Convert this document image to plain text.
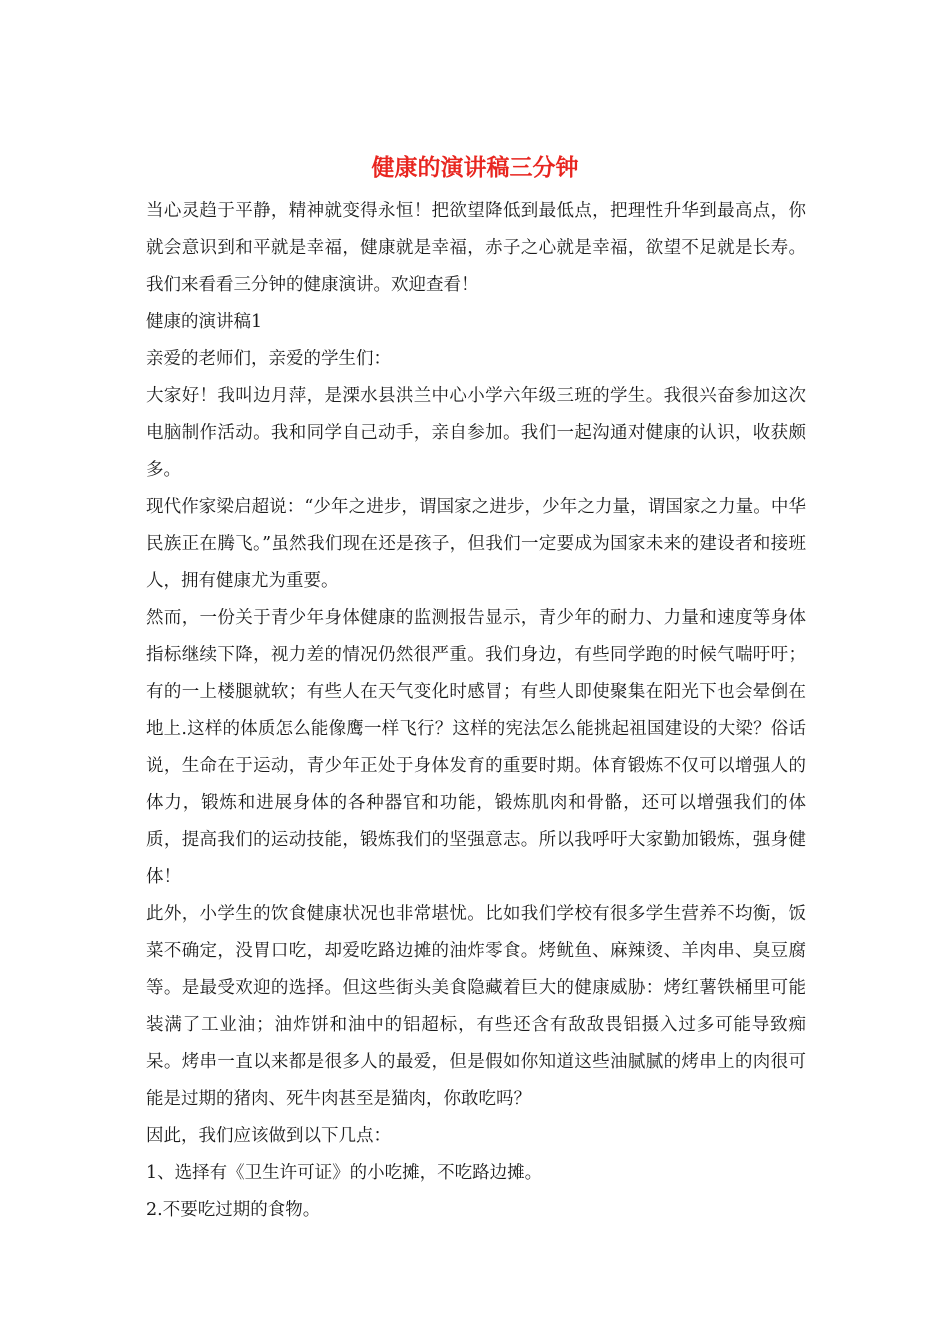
健康的演讲稿三分钟

当心灵趋于平静，精神就变得永恒！把欲望降低到最低点，把理性升华到最高点，你就会意识到和平就是幸福，健康就是幸福，赤子之心就是幸福，欲望不足就是长寿。我们来看看三分钟的健康演讲。欢迎查看！

健康的演讲稿1

亲爱的老师们，亲爱的学生们：

大家好！我叫边月萍，是溧水县洪兰中心小学六年级三班的学生。我很兴奋参加这次电脑制作活动。我和同学自己动手，亲自参加。我们一起沟通对健康的认识，收获颇多。

现代作家梁启超说：“少年之进步，谓国家之进步，少年之力量，谓国家之力量。中华民族正在腾飞。”虽然我们现在还是孩子，但我们一定要成为国家未来的建设者和接班人，拥有健康尤为重要。

然而，一份关于青少年身体健康的监测报告显示，青少年的耐力、力量和速度等身体指标继续下降，视力差的情况仍然很严重。我们身边，有些同学跑的时候气喘吁吁；有的一上楼腿就软；有些人在天气变化时感冒；有些人即使聚集在阳光下也会晕倒在地上.这样的体质怎么能像鹰一样飞行？这样的宪法怎么能挑起祖国建设的大梁？俗话说，生命在于运动，青少年正处于身体发育的重要时期。体育锻炼不仅可以增强人的体力，锻炼和进展身体的各种器官和功能，锻炼肌肉和骨骼，还可以增强我们的体质，提高我们的运动技能，锻炼我们的坚强意志。所以我呼吁大家勤加锻炼，强身健体！

此外，小学生的饮食健康状况也非常堪忧。比如我们学校有很多学生营养不均衡，饭菜不确定，没胃口吃，却爱吃路边摊的油炸零食。烤鱿鱼、麻辣烫、羊肉串、臭豆腐等。是最受欢迎的选择。但这些街头美食隐藏着巨大的健康威胁：烤红薯铁桶里可能装满了工业油；油炸饼和油中的铝超标，有些还含有敌敌畏铝摄入过多可能导致痴呆。烤串一直以来都是很多人的最爱，但是假如你知道这些油腻腻的烤串上的肉很可能是过期的猪肉、死牛肉甚至是猫肉，你敢吃吗？

因此，我们应该做到以下几点：

1、选择有《卫生许可证》的小吃摊，不吃路边摊。

2.不要吃过期的食物。
